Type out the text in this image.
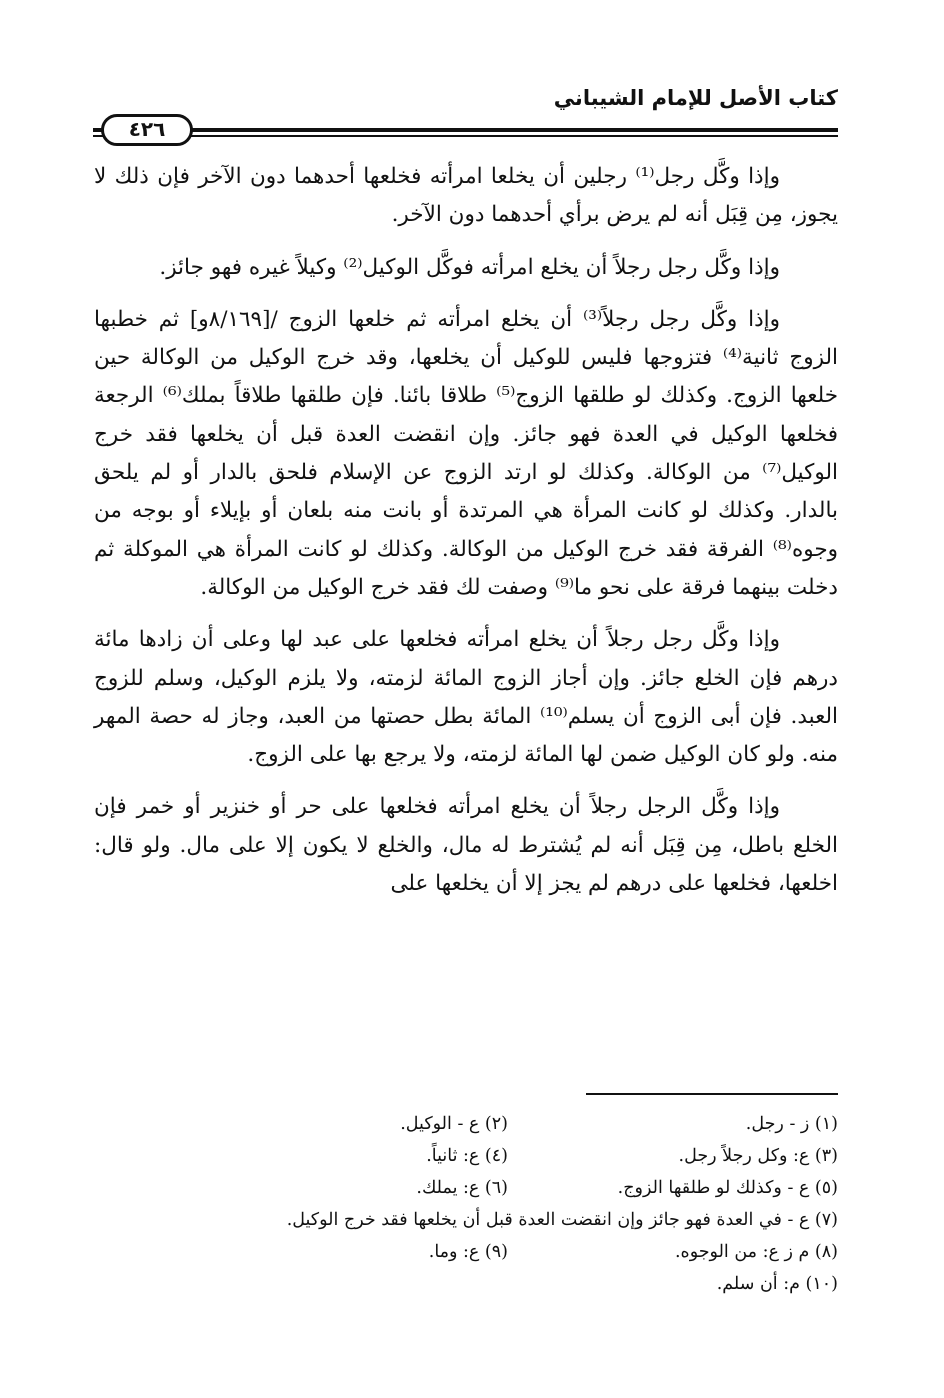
كتاب الأصل للإمام الشيباني
٤٢٦

وإذا وكَّل رجل⁽¹⁾ رجلين أن يخلعا امرأته فخلعها أحدهما دون الآخر فإن ذلك لا يجوز، مِن قِبَل أنه لم يرض برأي أحدهما دون الآخر.

وإذا وكَّل رجل رجلاً أن يخلع امرأته فوكَّل الوكيل⁽²⁾ وكيلاً غيره فهو جائز.

وإذا وكَّل رجل رجلاً⁽³⁾ أن يخلع امرأته ثم خلعها الزوج /[٨/١٦٩و] ثم خطبها الزوج ثانية⁽⁴⁾ فتزوجها فليس للوكيل أن يخلعها، وقد خرج الوكيل من الوكالة حين خلعها الزوج. وكذلك لو طلقها الزوج⁽⁵⁾ طلاقا بائنا. فإن طلقها طلاقاً بملك⁽⁶⁾ الرجعة فخلعها الوكيل في العدة فهو جائز. وإن انقضت العدة قبل أن يخلعها فقد خرج الوكيل⁽⁷⁾ من الوكالة. وكذلك لو ارتد الزوج عن الإسلام فلحق بالدار أو لم يلحق بالدار. وكذلك لو كانت المرأة هي المرتدة أو بانت منه بلعان أو بإيلاء أو بوجه من وجوه⁽⁸⁾ الفرقة فقد خرج الوكيل من الوكالة. وكذلك لو كانت المرأة هي الموكلة ثم دخلت بينهما فرقة على نحو ما⁽⁹⁾ وصفت لك فقد خرج الوكيل من الوكالة.

وإذا وكَّل رجل رجلاً أن يخلع امرأته فخلعها على عبد لها وعلى أن زادها مائة درهم فإن الخلع جائز. وإن أجاز الزوج المائة لزمته، ولا يلزم الوكيل، وسلم للزوج العبد. فإن أبى الزوج أن يسلم⁽¹⁰⁾ المائة بطل حصتها من العبد، وجاز له حصة المهر منه. ولو كان الوكيل ضمن لها المائة لزمته، ولا يرجع بها على الزوج.

وإذا وكَّل الرجل رجلاً أن يخلع امرأته فخلعها على حر أو خنزير أو خمر فإن الخلع باطل، مِن قِبَل أنه لم يُشترط له مال، والخلع لا يكون إلا على مال. ولو قال: اخلعها، فخلعها على درهم لم يجز إلا أن يخلعها على

(١) ز - رجل.
(٢) ع - الوكيل.
(٣) ع: وكل رجلاً رجل.
(٤) ع: ثانياً.
(٥) ع - وكذلك لو طلقها الزوج.
(٦) ع: يملك.
(٧) ع - في العدة فهو جائز وإن انقضت العدة قبل أن يخلعها فقد خرج الوكيل.
(٨) م ز ع: من الوجوه.
(٩) ع: وما.
(١٠) م: أن سلم.
